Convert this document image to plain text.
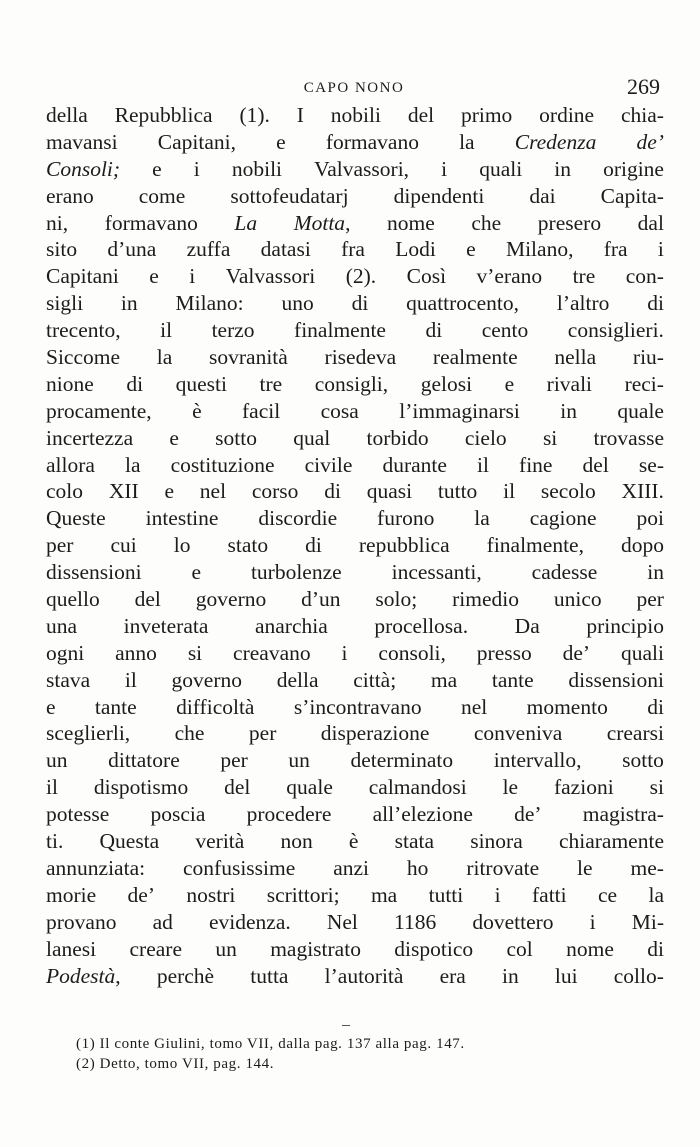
CAPO NONO	269
della Repubblica (1). I nobili del primo ordine chia-
mavansi Capitani, e formavano la Credenza de’
Consoli; e i nobili Valvassori, i quali in origine
erano come sottofeudatarj dipendenti dai Capita-
ni, formavano La Motta, nome che presero dal
sito d’una zuffa datasi fra Lodi e Milano, fra i
Capitani e i Valvassori (2). Così v’erano tre con-
sigli in Milano: uno di quattrocento, l’altro di
trecento, il terzo finalmente di cento consiglieri.
Siccome la sovranità risedeva realmente nella riu-
nione di questi tre consigli, gelosi e rivali reci-
procamente, è facil cosa l’immaginarsi in quale
incertezza e sotto qual torbido cielo si trovasse
allora la costituzione civile durante il fine del se-
colo XII e nel corso di quasi tutto il secolo XIII.
Queste intestine discordie furono la cagione poi
per cui lo stato di repubblica finalmente, dopo
dissensioni e turbolenze incessanti, cadesse in
quello del governo d’un solo; rimedio unico per
una inveterata anarchia procellosa. Da principio
ogni anno si creavano i consoli, presso de’ quali
stava il governo della città; ma tante dissensioni
e tante difficoltà s’incontravano nel momento di
sceglierli, che per disperazione conveniva crearsi
un dittatore per un determinato intervallo, sotto
il dispotismo del quale calmandosi le fazioni si
potesse poscia procedere all’elezione de’ magistra-
ti. Questa verità non è stata sinora chiaramente
annunziata: confusissime anzi ho ritrovate le me-
morie de’ nostri scrittori; ma tutti i fatti ce la
provano ad evidenza. Nel 1186 dovettero i Mi-
lanesi creare un magistrato dispotico col nome di
Podestà, perchè tutta l’autorità era in lui collo-
(1) Il conte Giulini, tomo VII, dalla pag. 137 alla pag. 147.
(2) Detto, tomo VII, pag. 144.
